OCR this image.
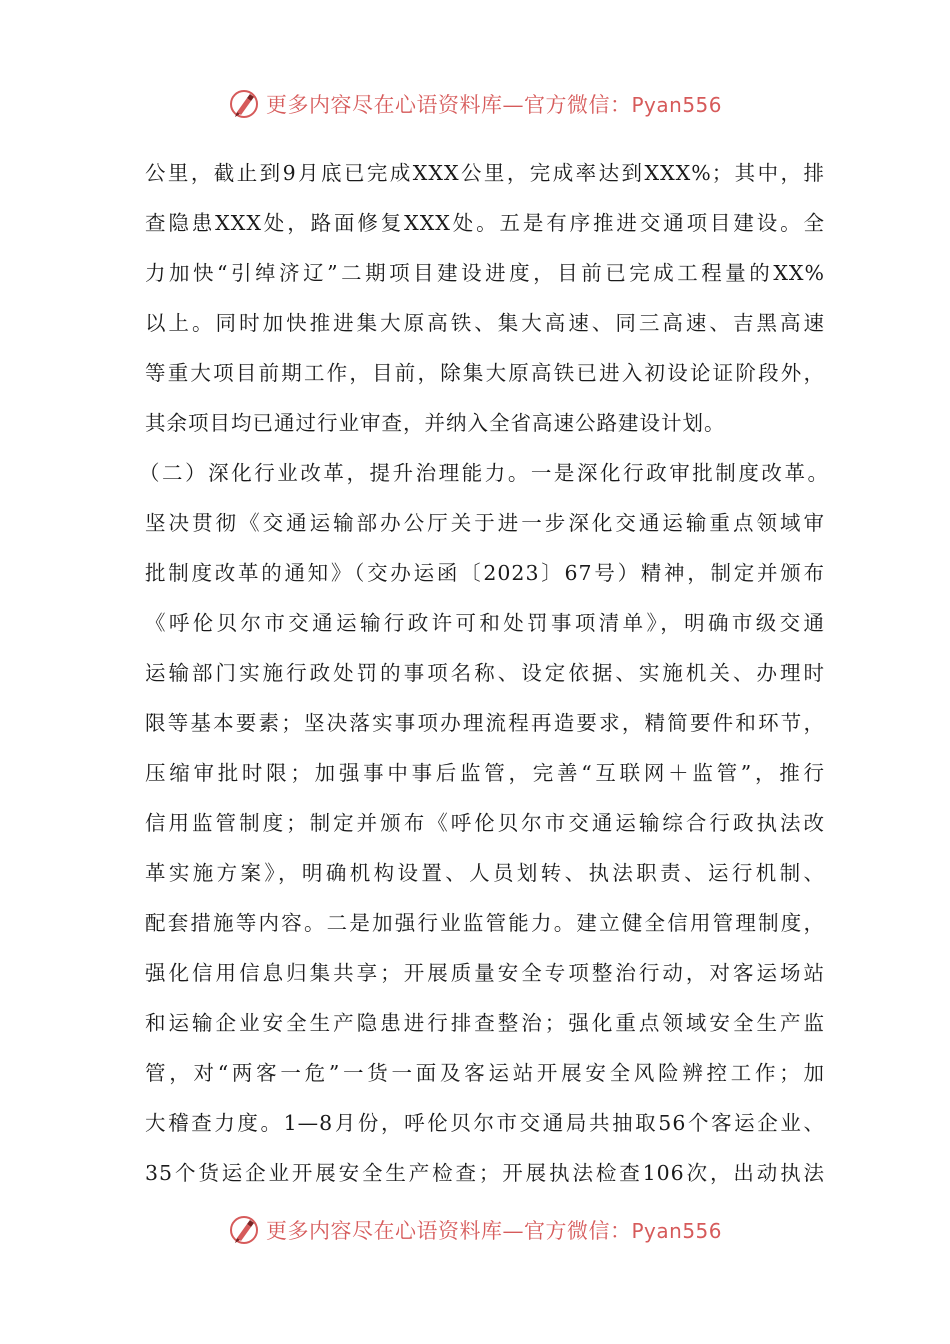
更多内容尽在心语资料库—官方微信：Pyan556
公里，截止到9月底已完成XXX公里，完成率达到XXX%；其中，排
查隐患XXX处，路面修复XXX处。五是有序推进交通项目建设。全
力加快“引绰济辽”二期项目建设进度，目前已完成工程量的XX%
以上。同时加快推进集大原高铁、集大高速、同三高速、吉黑高速
等重大项目前期工作，目前，除集大原高铁已进入初设论证阶段外，
其余项目均已通过行业审查，并纳入全省高速公路建设计划。
（二）深化行业改革，提升治理能力。一是深化行政审批制度改革。
坚决贯彻《交通运输部办公厅关于进一步深化交通运输重点领域审
批制度改革的通知》（交办运函〔2023〕67号）精神，制定并颁布
《呼伦贝尔市交通运输行政许可和处罚事项清单》，明确市级交通
运输部门实施行政处罚的事项名称、设定依据、实施机关、办理时
限等基本要素；坚决落实事项办理流程再造要求，精简要件和环节，
压缩审批时限；加强事中事后监管，完善“互联网＋监管”，推行
信用监管制度；制定并颁布《呼伦贝尔市交通运输综合行政执法改
革实施方案》，明确机构设置、人员划转、执法职责、运行机制、
配套措施等内容。二是加强行业监管能力。建立健全信用管理制度，
强化信用信息归集共享；开展质量安全专项整治行动，对客运场站
和运输企业安全生产隐患进行排查整治；强化重点领域安全生产监
管，对“两客一危”一货一面及客运站开展安全风险辨控工作；加
大稽查力度。1—8月份，呼伦贝尔市交通局共抽取56个客运企业、
35个货运企业开展安全生产检查；开展执法检查106次，出动执法
更多内容尽在心语资料库—官方微信：Pyan556
